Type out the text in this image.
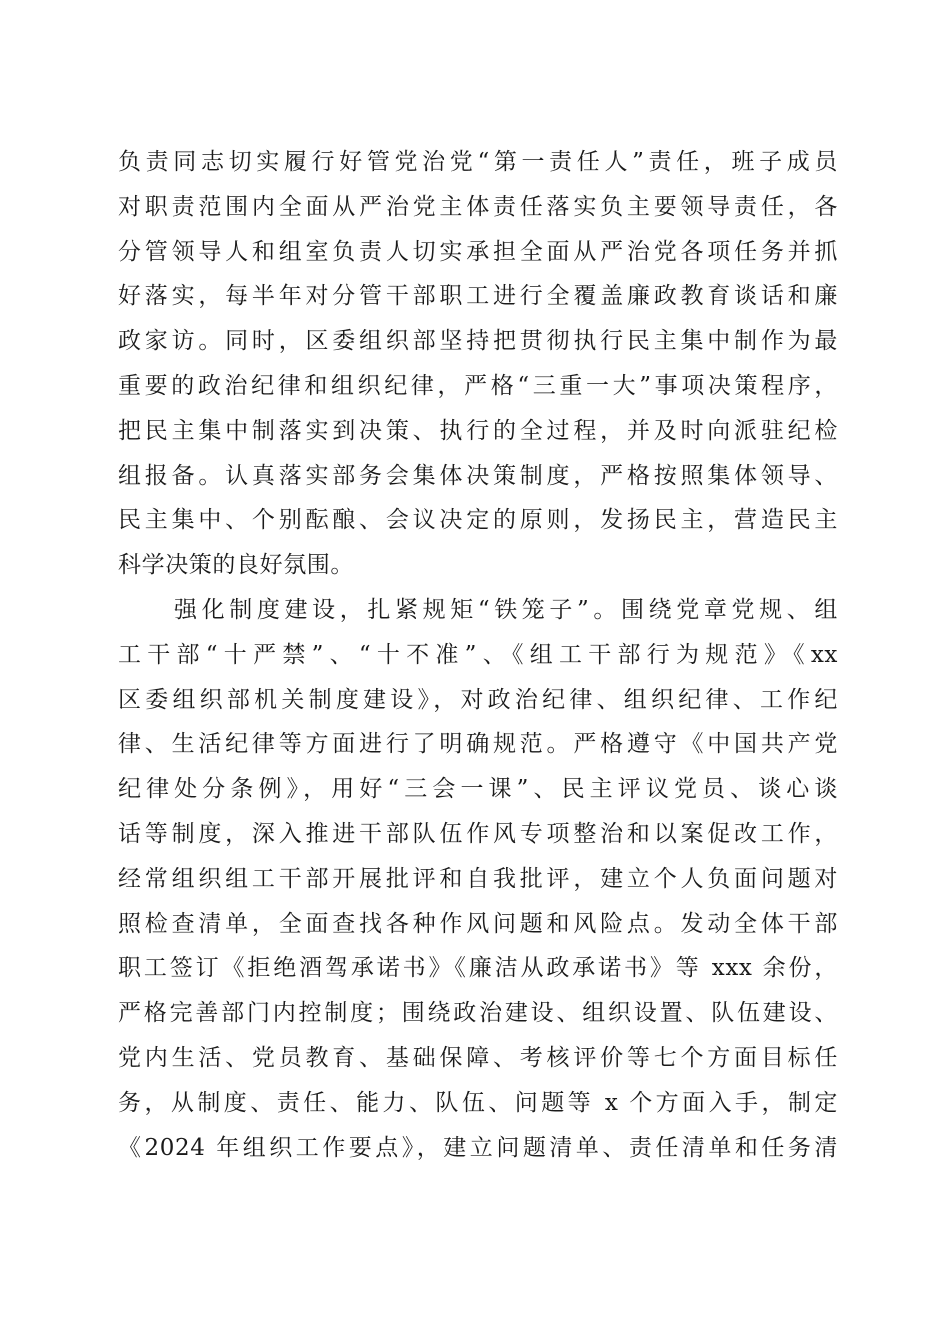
负责同志切实履行好管党治党“第一责任人”责任，班子成员
对职责范围内全面从严治党主体责任落实负主要领导责任，各
分管领导人和组室负责人切实承担全面从严治党各项任务并抓
好落实，每半年对分管干部职工进行全覆盖廉政教育谈话和廉
政家访。同时，区委组织部坚持把贯彻执行民主集中制作为最
重要的政治纪律和组织纪律，严格“三重一大”事项决策程序，
把民主集中制落实到决策、执行的全过程，并及时向派驻纪检
组报备。认真落实部务会集体决策制度，严格按照集体领导、
民主集中、个别酝酿、会议决定的原则，发扬民主，营造民主
科学决策的良好氛围。
强化制度建设，扎紧规矩“铁笼子”。围绕党章党规、组
工干部“十严禁”、“十不准”、《组工干部行为规范》《xx
区委组织部机关制度建设》，对政治纪律、组织纪律、工作纪
律、生活纪律等方面进行了明确规范。严格遵守《中国共产党
纪律处分条例》，用好“三会一课”、民主评议党员、谈心谈
话等制度，深入推进干部队伍作风专项整治和以案促改工作，
经常组织组工干部开展批评和自我批评，建立个人负面问题对
照检查清单，全面查找各种作风问题和风险点。发动全体干部
职工签订《拒绝酒驾承诺书》《廉洁从政承诺书》等 xxx 余份，
严格完善部门内控制度；围绕政治建设、组织设置、队伍建设、
党内生活、党员教育、基础保障、考核评价等七个方面目标任
务，从制度、责任、能力、队伍、问题等 x 个方面入手，制定
《2024 年组织工作要点》，建立问题清单、责任清单和任务清
